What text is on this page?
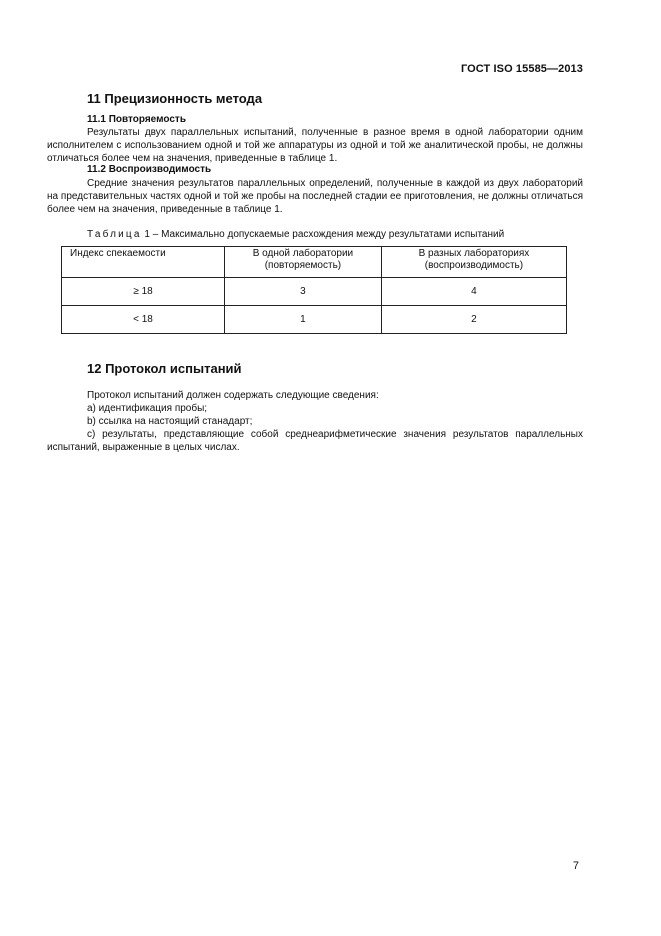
ГОСТ ISO 15585—2013
11 Прецизионность метода
11.1 Повторяемость

Результаты двух параллельных испытаний, полученные в разное время в одной лаборатории одним исполнителем с использованием одной и той же аппаратуры из одной и той же аналитической пробы, не должны отличаться более чем на значения, приведенные в таблице 1.

11.2 Воспроизводимость

Средние значения результатов параллельных определений, полученные в каждой из двух лабораторий на представительных частях одной и той же пробы на последней стадии ее приготовления, не должны отличаться более чем на значения, приведенные в таблице 1.

Таблица 1 – Максимально допускаемые расхождения между результатами испытаний
Индекс спекаемости	В одной лаборатории (повторяемость)	В разных лабораториях (воспроизводимость)
≥ 18	3	4
< 18	1	2
12 Протокол испытаний
Протокол испытаний должен содержать следующие сведения:
а) идентификация пробы;
b) ссылка на настоящий станадарт;

с) результаты, представляющие собой среднеарифметические значения результатов параллельных испытаний, выраженные в целых числах.

7
